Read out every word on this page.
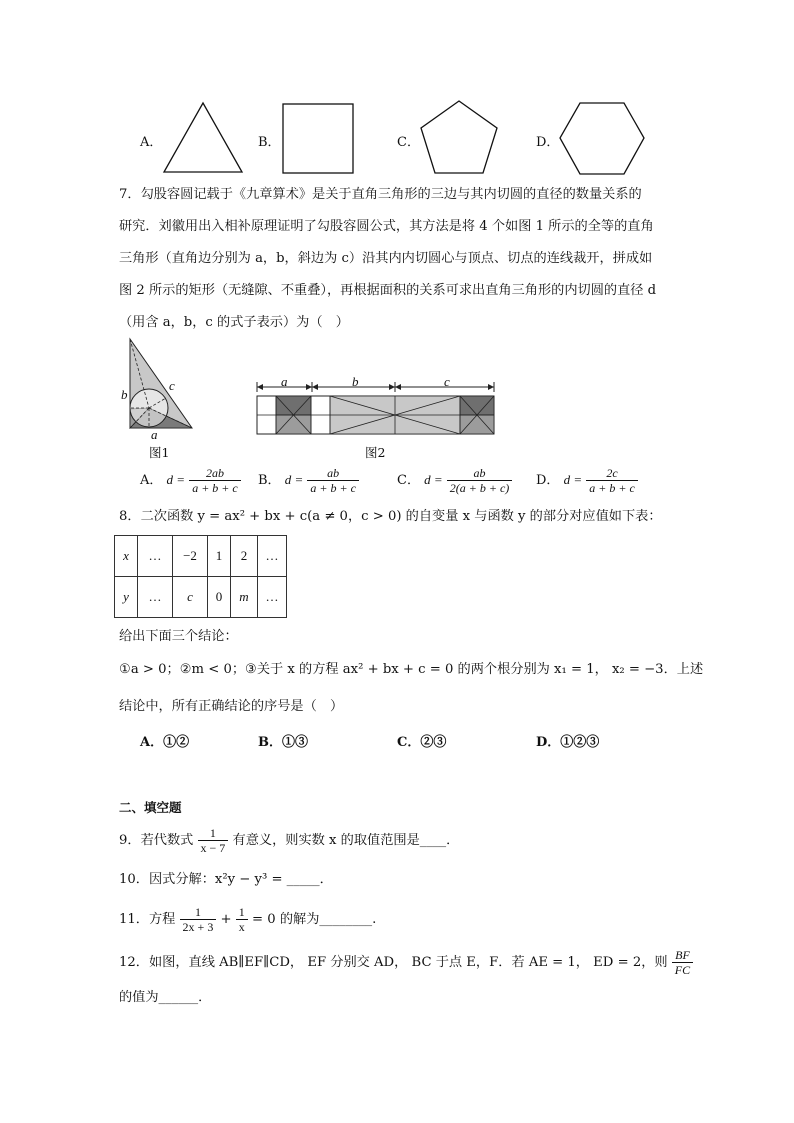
A．	B．	C．	D．
7．勾股容圆记载于《九章算术》是关于直角三角形的三边与其内切圆的直径的数量关系的
研究．刘徽用出入相补原理证明了勾股容圆公式，其方法是将 4 个如图 1 所示的全等的直角
三角形（直角边分别为 a，b，斜边为 c）沿其内内切圆心与顶点、切点的连线裁开，拼成如
图 2 所示的矩形（无缝隙、不重叠），再根据面积的关系可求出直角三角形的内切圆的直径 d
（用含 a，b，c 的式子表示）为（　）
b
c
a
图1
a	b	c
图2
A． $d = \frac{2ab}{a + b + c}$ B． $d = \frac{ab}{a + b + c}$	C． $d = \frac{ab}{2(a + b + c)}$ D． $d = \frac{2c}{a + b + c}$
8．二次函数 y = ax² + bx + c(a ≠ 0，c > 0) 的自变量 x 与函数 y 的部分对应值如下表：
x	…	−2	1	2	…
y	…	c	0	m	…
给出下面三个结论：
①a > 0；②m < 0；③关于 x 的方程 ax² + bx + c = 0 的两个根分别为 x₁ = 1， x₂ = −3．上述
结论中，所有正确结论的序号是（　）
A．①②	B．①③	C．②③	D．①②③
二、填空题
9．若代数式 $\frac{1}{x - 7}$ 有意义，则实数 x 的取值范围是____．
10．因式分解：x²y − y³ = _____．
11．方程 $\frac{1}{2x + 3} + \frac{1}{x} = 0$ 的解为________.
12．如图，直线 AB∥EF∥CD， EF 分别交 AD， BC 于点 E，F．若 AE = 1， ED = 2，则 $\frac{BF}{FC}$
的值为______．
